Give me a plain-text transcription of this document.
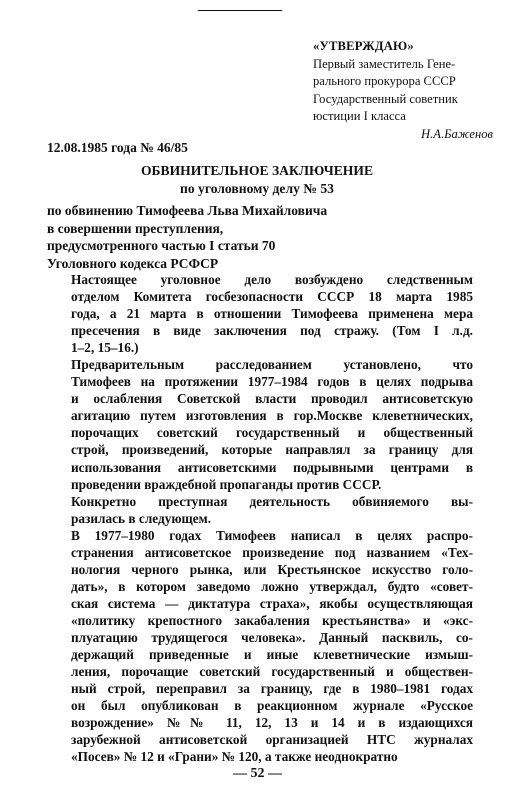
«УТВЕРЖДАЮ»
Первый заместитель Гене-
рального прокурора СССР
Государственный советник
юстиции I класса
Н.А.Баженов
12.08.1985 года № 46/85
ОБВИНИТЕЛЬНОЕ ЗАКЛЮЧЕНИЕ
по уголовному делу № 53
по обвинению Тимофеева Льва Михайловича
в совершении преступления,
предусмотренного частью I статьи 70
Уголовного кодекса РСФСР

Настоящее уголовное дело возбуждено следственным
отделом Комитета госбезопасности СССР 18 марта 1985
года, а 21 марта в отношении Тимофеева применена мера
пресечения в виде заключения под стражу. (Том I л.д.
1–2, 15–16.)

Предварительным расследованием установлено, что
Тимофеев на протяжении 1977–1984 годов в целях подрыва
и ослабления Советской власти проводил антисоветскую
агитацию путем изготовления в гор.Москве клеветнических,
порочащих советский государственный и общественный
строй, произведений, которые направлял за границу для
использования антисоветскими подрывными центрами в
проведении враждебной пропаганды против СССР.

Конкретно преступная деятельность обвиняемого вы-
разилась в следующем.

В 1977–1980 годах Тимофеев написал в целях распро-
странения антисоветское произведение под названием «Тех-
нология черного рынка, или Крестьянское искусство голо-
дать», в котором заведомо ложно утверждал, будто «совет-
ская система — диктатура страха», якобы осуществляющая
«политику крепостного закабаления крестьянства» и «экс-
плуатацию трудящегося человека». Данный пасквиль, со-
держащий приведенные и иные клеветнические измыш-
ления, порочащие советский государственный и обществен-
ный строй, переправил за границу, где в 1980–1981 годах
он был опубликован в реакционном журнале «Русское
возрождение» №№ 11, 12, 13 и 14 и в издающихся
зарубежной антисоветской организацией НТС журналах
«Посев» № 12 и «Грани» № 120, а также неоднократно

— 52 —
